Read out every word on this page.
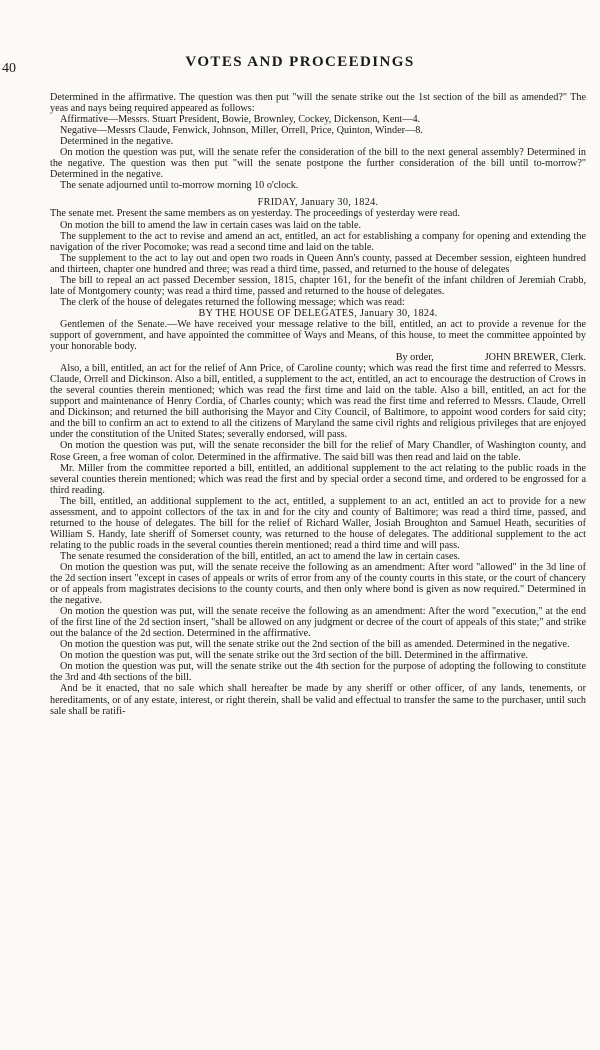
40	VOTES AND PROCEEDINGS

Determined in the affirmative. The question was then put "will the senate strike out the 1st section of the bill as amended?" The yeas and nays being required appeared as follows:

Affirmative—Messrs. Stuart President, Bowie, Brownley, Cockey, Dickenson, Kent—4.

Negative—Messrs Claude, Fenwick, Johnson, Miller, Orrell, Price, Quinton, Winder—8.

Determined in the negative.

On motion the question was put, will the senate refer the consideration of the bill to the next general assembly? Determined in the negative. The question was then put "will the senate postpone the further consideration of the bill until to-morrow?" Determined in the negative.

The senate adjourned until to-morrow morning 10 o'clock.

FRIDAY, January 30, 1824.

The senate met. Present the same members as on yesterday. The proceedings of yesterday were read.

On motion the bill to amend the law in certain cases was laid on the table.

The supplement to the act to revise and amend an act, entitled, an act for establishing a company for opening and extending the navigation of the river Pocomoke; was read a second time and laid on the table.

The supplement to the act to lay out and open two roads in Queen Ann's county, passed at December session, eighteen hundred and thirteen, chapter one hundred and three; was read a third time, passed, and returned to the house of delegates

The bill to repeal an act passed December session, 1815, chapter 161, for the benefit of the infant children of Jeremiah Crabb, late of Montgomery county; was read a third time, passed and returned to the house of delegates.

The clerk of the house of delegates returned the following message; which was read:

BY THE HOUSE OF DELEGATES, January 30, 1824.

Gentlemen of the Senate.—We have received your message relative to the bill, entitled, an act to provide a revenue for the support of government, and have appointed the committee of Ways and Means, of this house, to meet the committee appointed by your honorable body.

By order,                    JOHN BREWER, Clerk.

Also, a bill, entitled, an act for the relief of Ann Price, of Caroline county; which was read the first time and referred to Messrs. Claude, Orrell and Dickinson. Also a bill, entitled, a supplement to the act, entitled, an act to encourage the destruction of Crows in the several counties therein mentioned; which was read the first time and laid on the table. Also a bill, entitled, an act for the support and maintenance of Henry Cordia, of Charles county; which was read the first time and referred to Messrs. Claude, Orrell and Dickinson; and returned the bill authorising the Mayor and City Council, of Baltimore, to appoint wood corders for said city; and the bill to confirm an act to extend to all the citizens of Maryland the same civil rights and religious privileges that are enjoyed under the constitution of the United States; severally endorsed, will pass.

On motion the question was put, will the senate reconsider the bill for the relief of Mary Chandler, of Washington county, and Rose Green, a free woman of color. Determined in the affirmative. The said bill was then read and laid on the table.

Mr. Miller from the committee reported a bill, entitled, an additional supplement to the act relating to the public roads in the several counties therein mentioned; which was read the first and by special order a second time, and ordered to be engrossed for a third reading.

The bill, entitled, an additional supplement to the act, entitled, a supplement to an act, entitled an act to provide for a new assessment, and to appoint collectors of the tax in and for the city and county of Baltimore; was read a third time, passed, and returned to the house of delegates. The bill for the relief of Richard Waller, Josiah Broughton and Samuel Heath, securities of William S. Handy, late sheriff of Somerset county, was returned to the house of delegates. The additional supplement to the act relating to the public roads in the several counties therein mentioned; read a third time and will pass.

The senate resumed the consideration of the bill, entitled, an act to amend the law in certain cases.

On motion the question was put, will the senate receive the following as an amendment: After word "allowed" in the 3d line of the 2d section insert "except in cases of appeals or writs of error from any of the county courts in this state, or the court of chancery or of appeals from magistrates decisions to the county courts, and then only where bond is given as now required." Determined in the negative.

On motion the question was put, will the senate receive the following as an amendment: After the word "execution," at the end of the first line of the 2d section insert, "shall be allowed on any judgment or decree of the court of appeals of this state;" and strike out the balance of the 2d section. Determined in the affirmative.

On motion the question was put, will the senate strike out the 2nd section of the bill as amended. Determined in the negative.

On motion the question was put, will the senate strike out the 3rd section of the bill. Determined in the affirmative.

On motion the question was put, will the senate strike out the 4th section for the purpose of adopting the following to constitute the 3rd and 4th sections of the bill.

And be it enacted, that no sale which shall hereafter be made by any sheriff or other officer, of any lands, tenements, or hereditaments, or of any estate, interest, or right therein, shall be valid and effectual to transfer the same to the purchaser, until such sale shall be ratifi-
